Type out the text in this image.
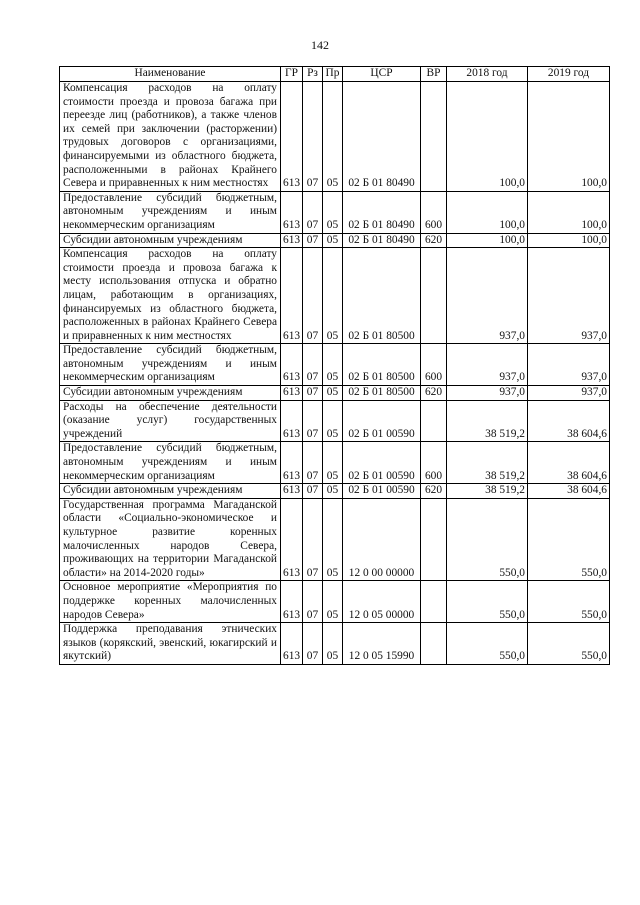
142
Наименование	ГР	Рз	Пр	ЦСР	ВР	2018 год	2019 год
Компенсация расходов на оплату стоимости проезда и провоза багажа при переезде лиц (работников), а также членов их семей при заключении (расторжении) трудовых договоров с организациями, финансируемыми из областного бюджета, расположенными в районах Крайнего Севера и приравненных к ним местностях	613	07	05	02 Б 01 80490		100,0	100,0
Предоставление субсидий бюджетным, автономным учреждениям и иным некоммерческим организациям	613	07	05	02 Б 01 80490	600	100,0	100,0
Субсидии автономным учреждениям	613	07	05	02 Б 01 80490	620	100,0	100,0
Компенсация расходов на оплату стоимости проезда и провоза багажа к месту использования отпуска и обратно лицам, работающим в организациях, финансируемых из областного бюджета, расположенных в районах Крайнего Севера и приравненных к ним местностях	613	07	05	02 Б 01 80500		937,0	937,0
Предоставление субсидий бюджетным, автономным учреждениям и иным некоммерческим организациям	613	07	05	02 Б 01 80500	600	937,0	937,0
Субсидии автономным учреждениям	613	07	05	02 Б 01 80500	620	937,0	937,0
Расходы на обеспечение деятельности (оказание услуг) государственных учреждений	613	07	05	02 Б 01 00590		38 519,2	38 604,6
Предоставление субсидий бюджетным, автономным учреждениям и иным некоммерческим организациям	613	07	05	02 Б 01 00590	600	38 519,2	38 604,6
Субсидии автономным учреждениям	613	07	05	02 Б 01 00590	620	38 519,2	38 604,6
Государственная программа Магаданской области «Социально-экономическое и культурное развитие коренных малочисленных народов Севера, проживающих на территории Магаданской области» на 2014-2020 годы»	613	07	05	12 0 00 00000		550,0	550,0
Основное мероприятие «Мероприятия по поддержке коренных малочисленных народов Севера»	613	07	05	12 0 05 00000		550,0	550,0
Поддержка преподавания этнических языков (корякский, эвенский, юкагирский и якутский)	613	07	05	12 0 05 15990		550,0	550,0
